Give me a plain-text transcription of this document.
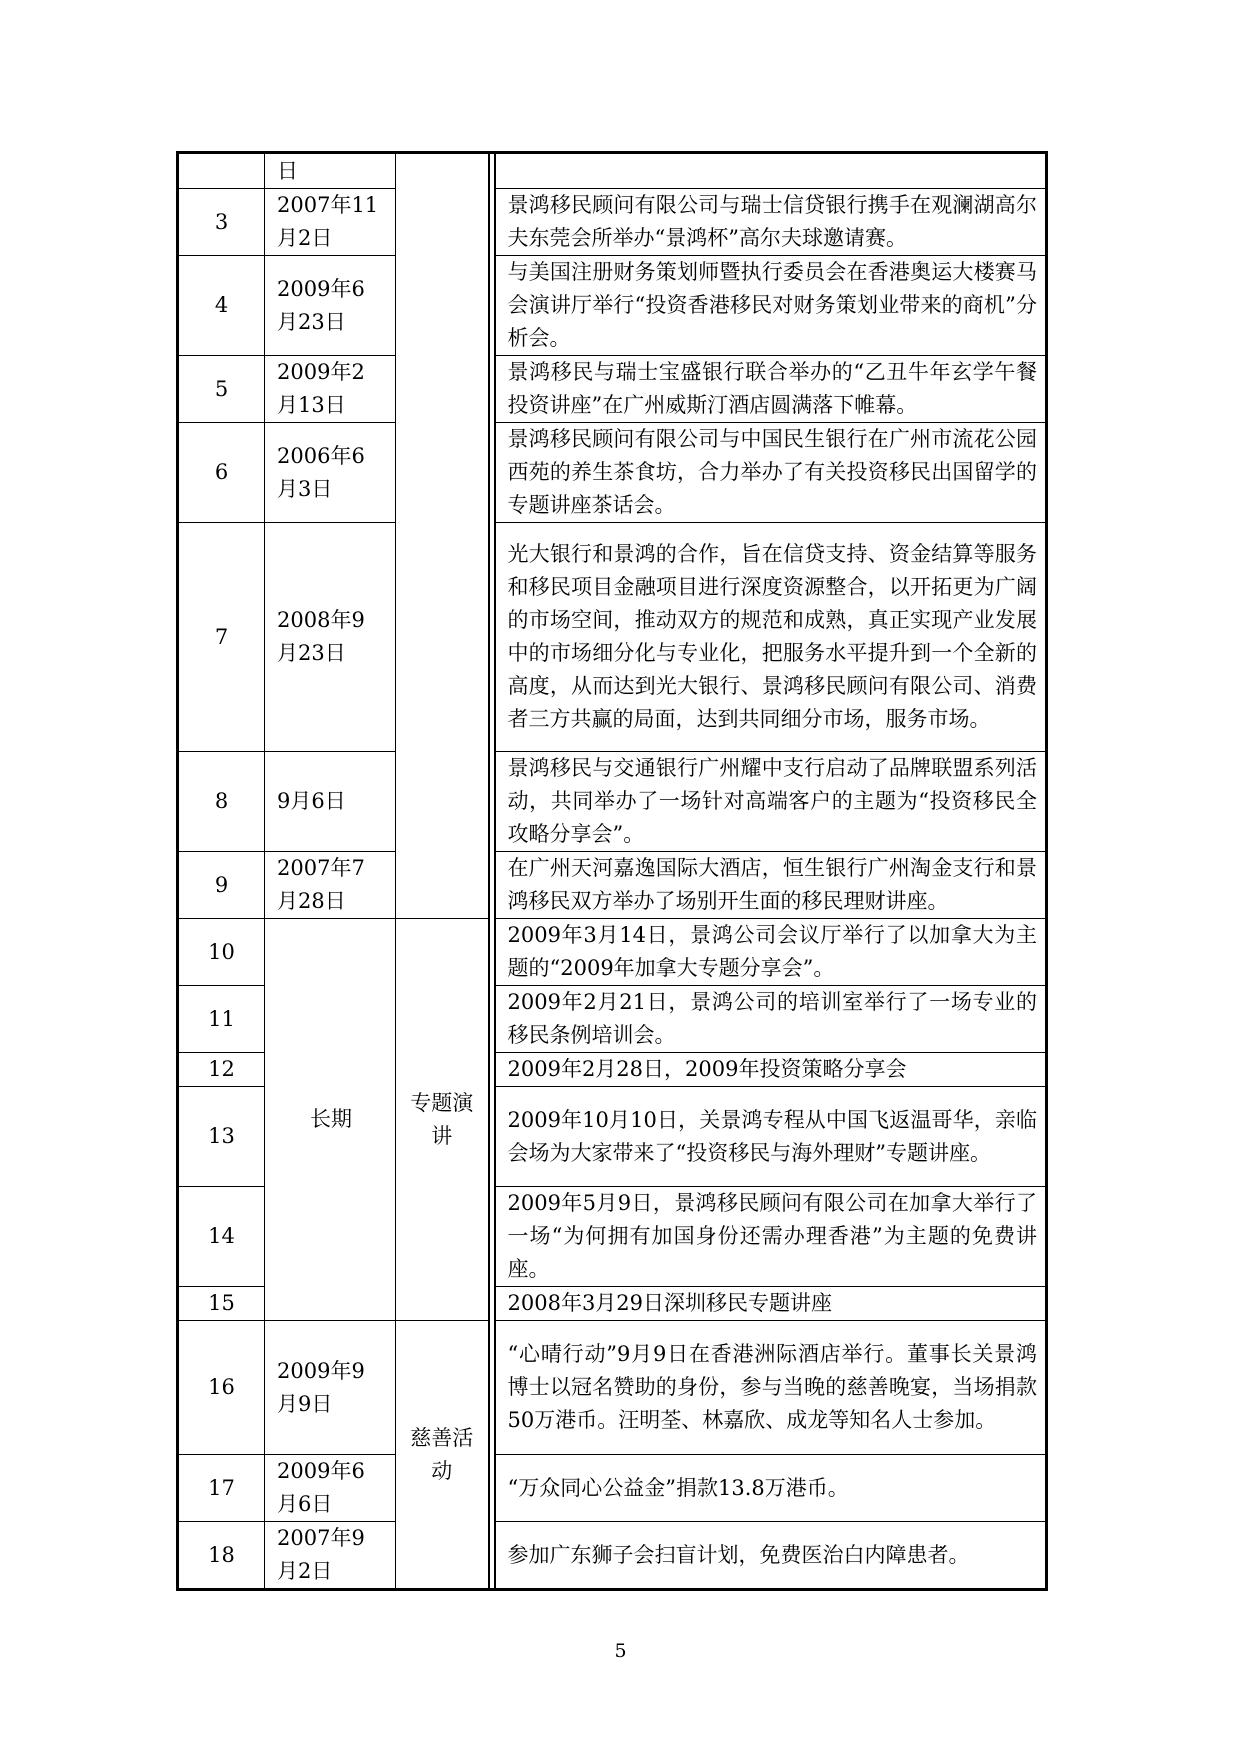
	日			
3	2007年11月2日			景鸿移民顾问有限公司与瑞士信贷银行携手在观澜湖高尔夫东莞会所举办“景鸿杯”高尔夫球邀请赛。
4	2009年6月23日			与美国注册财务策划师暨执行委员会在香港奥运大楼赛马会演讲厅举行“投资香港移民对财务策划业带来的商机”分析会。
5	2009年2月13日			景鸿移民与瑞士宝盛银行联合举办的“乙丑牛年玄学午餐投资讲座”在广州威斯汀酒店圆满落下帷幕。
6	2006年6月3日			景鸿移民顾问有限公司与中国民生银行在广州市流花公园西苑的养生茶食坊，合力举办了有关投资移民出国留学的专题讲座茶话会。
7	2008年9月23日			光大银行和景鸿的合作，旨在信贷支持、资金结算等服务和移民项目金融项目进行深度资源整合，以开拓更为广阔的市场空间，推动双方的规范和成熟，真正实现产业发展中的市场细分化与专业化，把服务水平提升到一个全新的高度，从而达到光大银行、景鸿移民顾问有限公司、消费者三方共赢的局面，达到共同细分市场，服务市场。
8	9月6日			景鸿移民与交通银行广州耀中支行启动了品牌联盟系列活动，共同举办了一场针对高端客户的主题为“投资移民全攻略分享会”。
9	2007年7月28日			在广州天河嘉逸国际大酒店，恒生银行广州淘金支行和景鸿移民双方举办了场别开生面的移民理财讲座。
10	长期	专题演讲		2009年3月14日，景鸿公司会议厅举行了以加拿大为主题的“2009年加拿大专题分享会”。
11				2009年2月21日，景鸿公司的培训室举行了一场专业的移民条例培训会。
12				2009年2月28日，2009年投资策略分享会
13				2009年10月10日，关景鸿专程从中国飞返温哥华，亲临会场为大家带来了“投资移民与海外理财”专题讲座。
14				2009年5月9日，景鸿移民顾问有限公司在加拿大举行了一场“为何拥有加国身份还需办理香港”为主题的免费讲座。
15				2008年3月29日深圳移民专题讲座
16	2009年9月9日	慈善活动		“心晴行动”9月9日在香港洲际酒店举行。董事长关景鸿博士以冠名赞助的身份，参与当晚的慈善晚宴，当场捐款50万港币。汪明荃、林嘉欣、成龙等知名人士参加。
17	2009年6月6日			“万众同心公益金”捐款13.8万港币。
18	2007年9月2日			参加广东狮子会扫盲计划，免费医治白内障患者。
5
